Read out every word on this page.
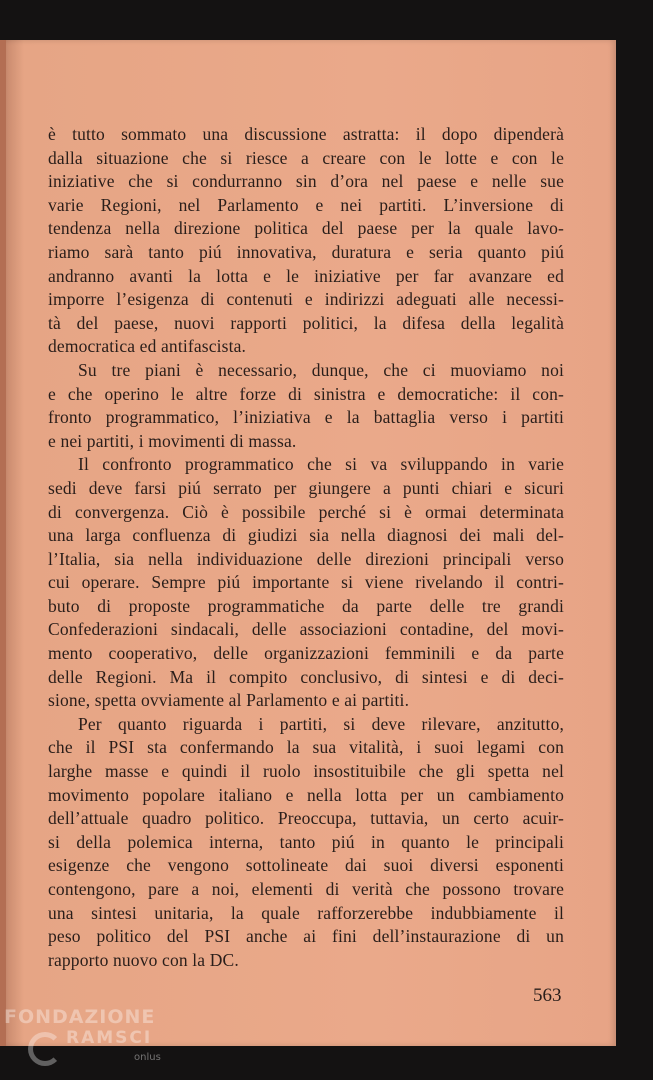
è tutto sommato una discussione astratta: il dopo dipenderà
dalla situazione che si riesce a creare con le lotte e con le
iniziative che si condurranno sin d’ora nel paese e nelle sue
varie Regioni, nel Parlamento e nei partiti. L’inversione di
tendenza nella direzione politica del paese per la quale lavo-
riamo sarà tanto piú innovativa, duratura e seria quanto piú
andranno avanti la lotta e le iniziative per far avanzare ed
imporre l’esigenza di contenuti e indirizzi adeguati alle necessi-
tà del paese, nuovi rapporti politici, la difesa della legalità
democratica ed antifascista.

Su tre piani è necessario, dunque, che ci muoviamo noi
e che operino le altre forze di sinistra e democratiche: il con-
fronto programmatico, l’iniziativa e la battaglia verso i partiti
e nei partiti, i movimenti di massa.

Il confronto programmatico che si va sviluppando in varie
sedi deve farsi piú serrato per giungere a punti chiari e sicuri
di convergenza. Ciò è possibile perché si è ormai determinata
una larga confluenza di giudizi sia nella diagnosi dei mali del-
l’Italia, sia nella individuazione delle direzioni principali verso
cui operare. Sempre piú importante si viene rivelando il contri-
buto di proposte programmatiche da parte delle tre grandi
Confederazioni sindacali, delle associazioni contadine, del movi-
mento cooperativo, delle organizzazioni femminili e da parte
delle Regioni. Ma il compito conclusivo, di sintesi e di deci-
sione, spetta ovviamente al Parlamento e ai partiti.

Per quanto riguarda i partiti, si deve rilevare, anzitutto,
che il PSI sta confermando la sua vitalità, i suoi legami con
larghe masse e quindi il ruolo insostituibile che gli spetta nel
movimento popolare italiano e nella lotta per un cambiamento
dell’attuale quadro politico. Preoccupa, tuttavia, un certo acuir-
si della polemica interna, tanto piú in quanto le principali
esigenze che vengono sottolineate dai suoi diversi esponenti
contengono, pare a noi, elementi di verità che possono trovare
una sintesi unitaria, la quale rafforzerebbe indubbiamente il
peso politico del PSI anche ai fini dell’instaurazione di un
rapporto nuovo con la DC.

563
FONDAZIONE
RAMSCI
onlus
